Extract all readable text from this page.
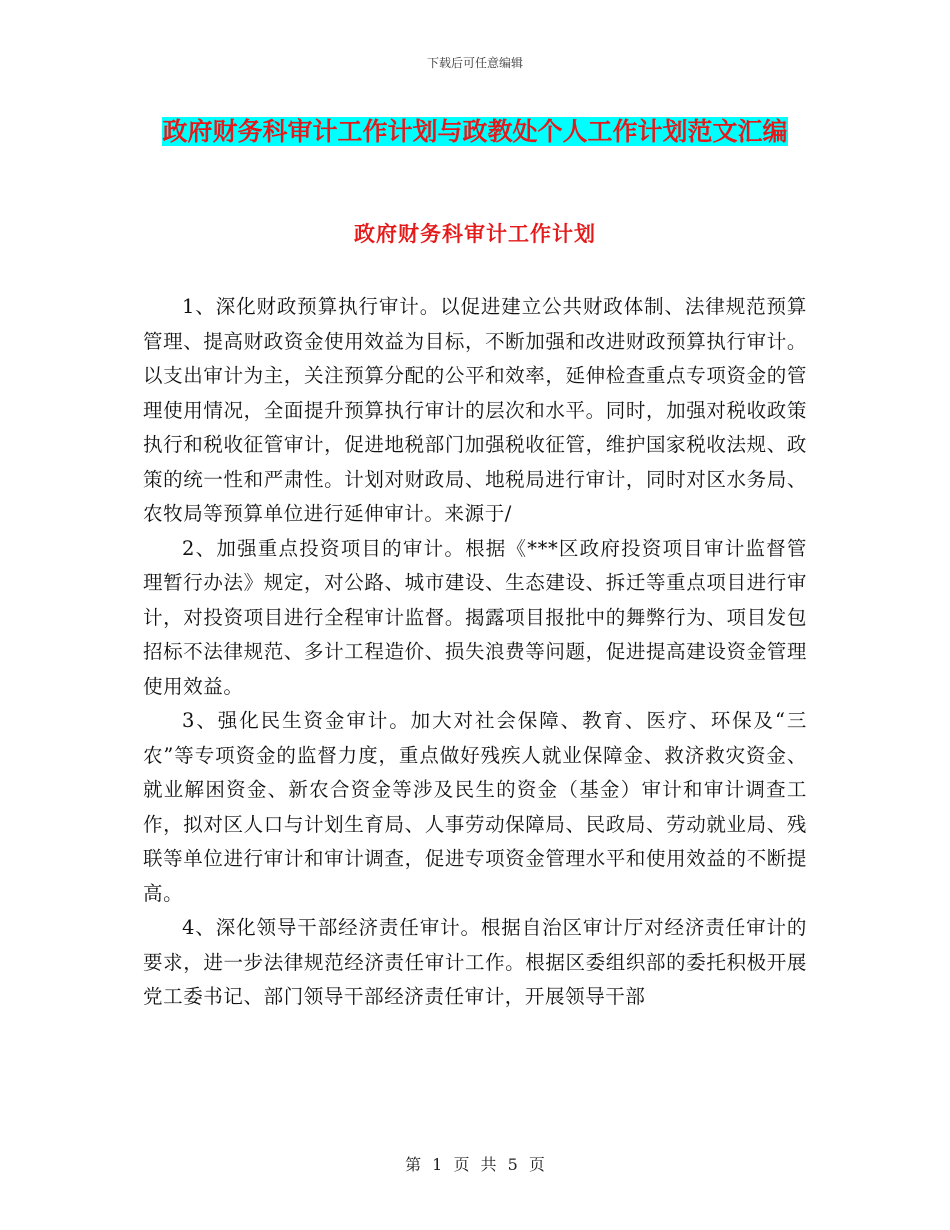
下载后可任意编辑
政府财务科审计工作计划与政教处个人工作计划范文汇编
政府财务科审计工作计划

1、深化财政预算执行审计。以促进建立公共财政体制、法律规范预算管理、提高财政资金使用效益为目标，不断加强和改进财政预算执行审计。以支出审计为主，关注预算分配的公平和效率，延伸检查重点专项资金的管理使用情况，全面提升预算执行审计的层次和水平。同时，加强对税收政策执行和税收征管审计，促进地税部门加强税收征管，维护国家税收法规、政策的统一性和严肃性。计划对财政局、地税局进行审计，同时对区水务局、农牧局等预算单位进行延伸审计。来源于/

2、加强重点投资项目的审计。根据《***区政府投资项目审计监督管理暂行办法》规定，对公路、城市建设、生态建设、拆迁等重点项目进行审计，对投资项目进行全程审计监督。揭露项目报批中的舞弊行为、项目发包招标不法律规范、多计工程造价、损失浪费等问题，促进提高建设资金管理使用效益。

3、强化民生资金审计。加大对社会保障、教育、医疗、环保及“三农”等专项资金的监督力度，重点做好残疾人就业保障金、救济救灾资金、就业解困资金、新农合资金等涉及民生的资金（基金）审计和审计调查工作，拟对区人口与计划生育局、人事劳动保障局、民政局、劳动就业局、残联等单位进行审计和审计调查，促进专项资金管理水平和使用效益的不断提高。

4、深化领导干部经济责任审计。根据自治区审计厅对经济责任审计的要求，进一步法律规范经济责任审计工作。根据区委组织部的委托积极开展党工委书记、部门领导干部经济责任审计，开展领导干部

第 1 页 共 5 页
